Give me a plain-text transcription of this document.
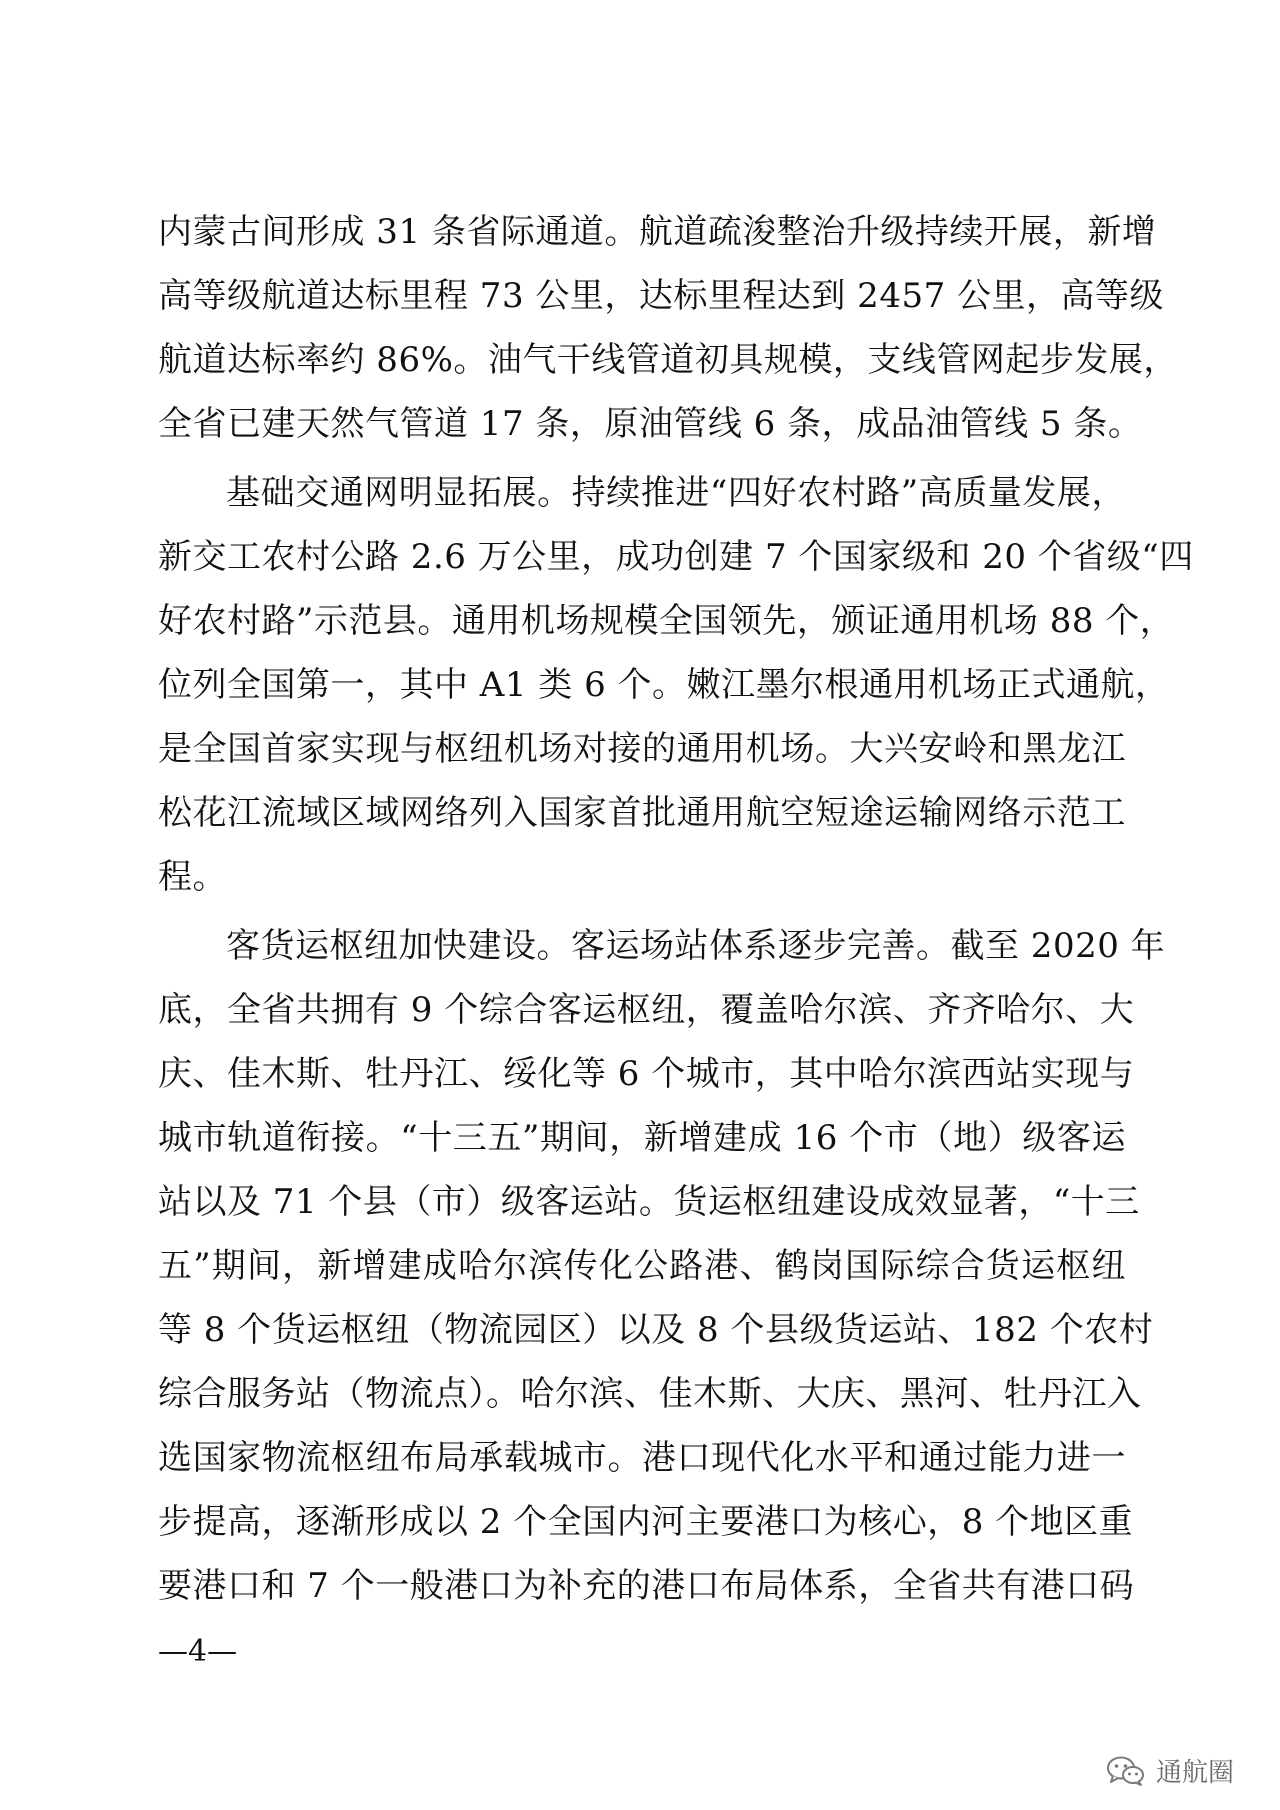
内蒙古间形成 31 条省际通道。航道疏浚整治升级持续开展，新增
高等级航道达标里程 73 公里，达标里程达到 2457 公里，高等级
航道达标率约 86%。油气干线管道初具规模，支线管网起步发展，
全省已建天然气管道 17 条，原油管线 6 条，成品油管线 5 条。
基础交通网明显拓展。持续推进“四好农村路”高质量发展，
新交工农村公路 2.6 万公里，成功创建 7 个国家级和 20 个省级“四
好农村路”示范县。通用机场规模全国领先，颁证通用机场 88 个，
位列全国第一，其中 A1 类 6 个。嫩江墨尔根通用机场正式通航，
是全国首家实现与枢纽机场对接的通用机场。大兴安岭和黑龙江
松花江流域区域网络列入国家首批通用航空短途运输网络示范工
程。
客货运枢纽加快建设。客运场站体系逐步完善。截至 2020 年
底，全省共拥有 9 个综合客运枢纽，覆盖哈尔滨、齐齐哈尔、大
庆、佳木斯、牡丹江、绥化等 6 个城市，其中哈尔滨西站实现与
城市轨道衔接。“十三五”期间，新增建成 16 个市（地）级客运
站以及 71 个县（市）级客运站。货运枢纽建设成效显著，“十三
五”期间，新增建成哈尔滨传化公路港、鹤岗国际综合货运枢纽
等 8 个货运枢纽（物流园区）以及 8 个县级货运站、182 个农村
综合服务站（物流点）。哈尔滨、佳木斯、大庆、黑河、牡丹江入
选国家物流枢纽布局承载城市。港口现代化水平和通过能力进一
步提高，逐渐形成以 2 个全国内河主要港口为核心，8 个地区重
要港口和 7 个一般港口为补充的港口布局体系，全省共有港口码
—4—
通航圈
